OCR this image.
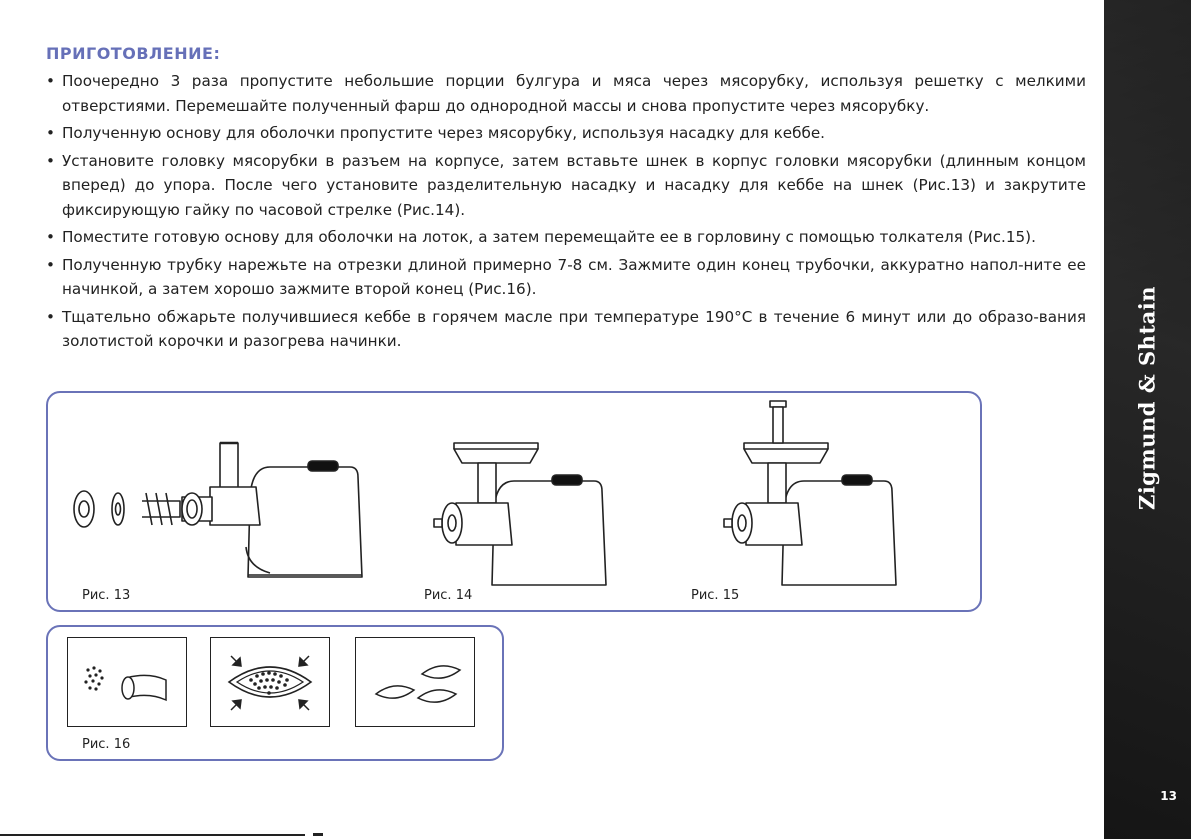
ПРИГОТОВЛЕНИЕ:
• Поочередно 3 раза пропустите небольшие порции булгура и мяса через мясорубку, используя решетку с мелкими отверстиями. Перемешайте полученный фарш до однородной массы и снова пропустите через мясорубку.
• Полученную основу для оболочки пропустите через мясорубку, используя насадку для кеббе.
• Установите головку мясорубки в разъем на корпусе, затем вставьте шнек в корпус головки мясорубки (длинным концом вперед) до упора. После чего установите разделительную насадку и насадку для кеббе на шнек (Рис.13) и закрутите фиксирующую гайку по часовой стрелке (Рис.14).
• Поместите готовую основу для оболочки на лоток, а затем перемещайте ее в горловину с помощью толкателя (Рис.15).
• Полученную трубку нарежьте на отрезки длиной примерно 7-8 см. Зажмите один конец трубочки, аккуратно напол-ните ее начинкой, а затем хорошо зажмите второй конец (Рис.16).
• Тщательно обжарьте получившиеся кеббе в горячем масле при температуре 190°С в течение 6 минут или до образо-вания золотистой корочки и разогрева начинки.
Рис. 13	Рис. 14	Рис. 15
Рис. 16
Zigmund & Shtain
13
